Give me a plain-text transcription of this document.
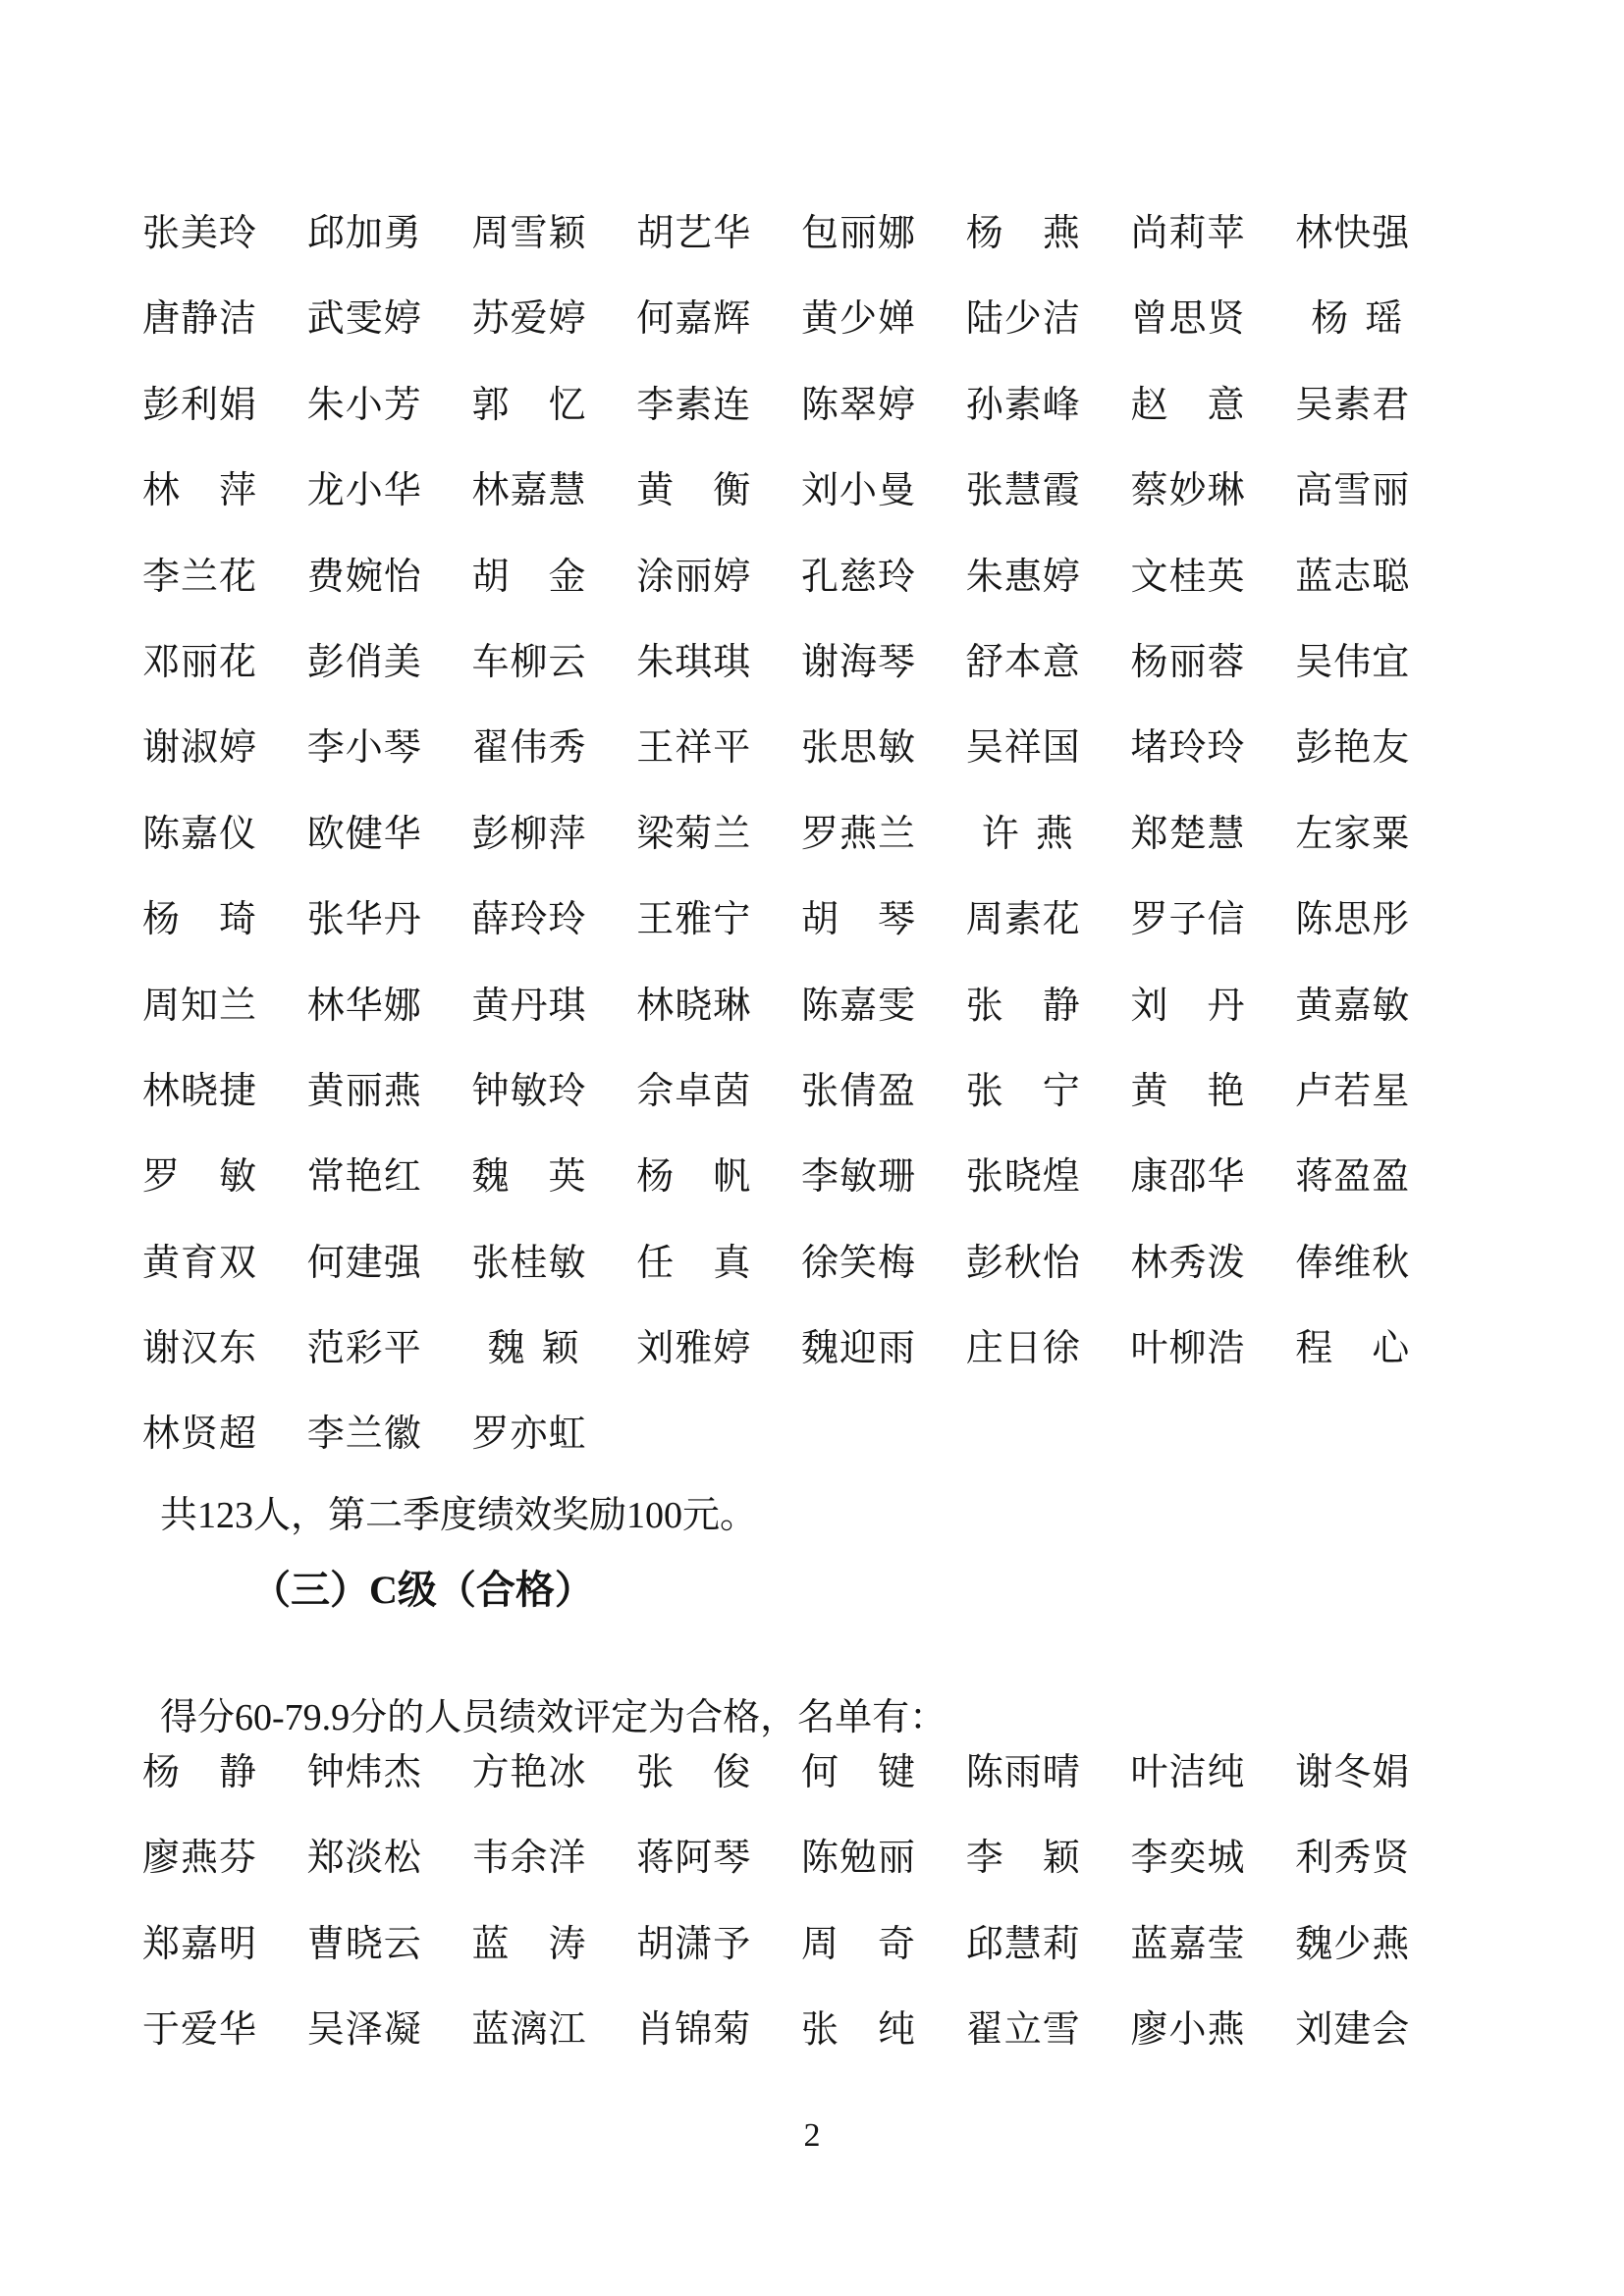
张美玲	邱加勇	周雪颖	胡艺华	包丽娜	杨　燕	尚莉苹	林快强
唐静洁	武雯婷	苏爱婷	何嘉辉	黄少婵	陆少洁	曾思贤	杨瑶
彭利娟	朱小芳	郭　忆	李素连	陈翠婷	孙素峰	赵　意	吴素君
林　萍	龙小华	林嘉慧	黄　衡	刘小曼	张慧霞	蔡妙琳	高雪丽
李兰花	费婉怡	胡　金	涂丽婷	孔慈玲	朱惠婷	文桂英	蓝志聪
邓丽花	彭俏美	车柳云	朱琪琪	谢海琴	舒本意	杨丽蓉	吴伟宜
谢淑婷	李小琴	翟伟秀	王祥平	张思敏	吴祥国	堵玲玲	彭艳友
陈嘉仪	欧健华	彭柳萍	梁菊兰	罗燕兰	许燕	郑楚慧	左家粟
杨　琦	张华丹	薛玲玲	王雅宁	胡　琴	周素花	罗子信	陈思彤
周知兰	林华娜	黄丹琪	林晓琳	陈嘉雯	张　静	刘　丹	黄嘉敏
林晓捷	黄丽燕	钟敏玲	佘卓茵	张倩盈	张　宁	黄　艳	卢若星
罗　敏	常艳红	魏　英	杨　帆	李敏珊	张晓煌	康邵华	蒋盈盈
黄育双	何建强	张桂敏	任　真	徐笑梅	彭秋怡	林秀泼	俸维秋
谢汉东	范彩平	魏颖	刘雅婷	魏迎雨	庄日徐	叶柳浩	程　心
林贤超	李兰徽	罗亦虹
共123人，第二季度绩效奖励100元。
（三）C级（合格）
得分60-79.9分的人员绩效评定为合格，名单有：
杨　静	钟炜杰	方艳冰	张　俊	何　键	陈雨晴	叶洁纯	谢冬娟
廖燕芬	郑淡松	韦余洋	蒋阿琴	陈勉丽	李　颖	李奕城	利秀贤
郑嘉明	曹晓云	蓝　涛	胡潇予	周　奇	邱慧莉	蓝嘉莹	魏少燕
于爱华	吴泽凝	蓝漓江	肖锦菊	张　纯	翟立雪	廖小燕	刘建会
2
